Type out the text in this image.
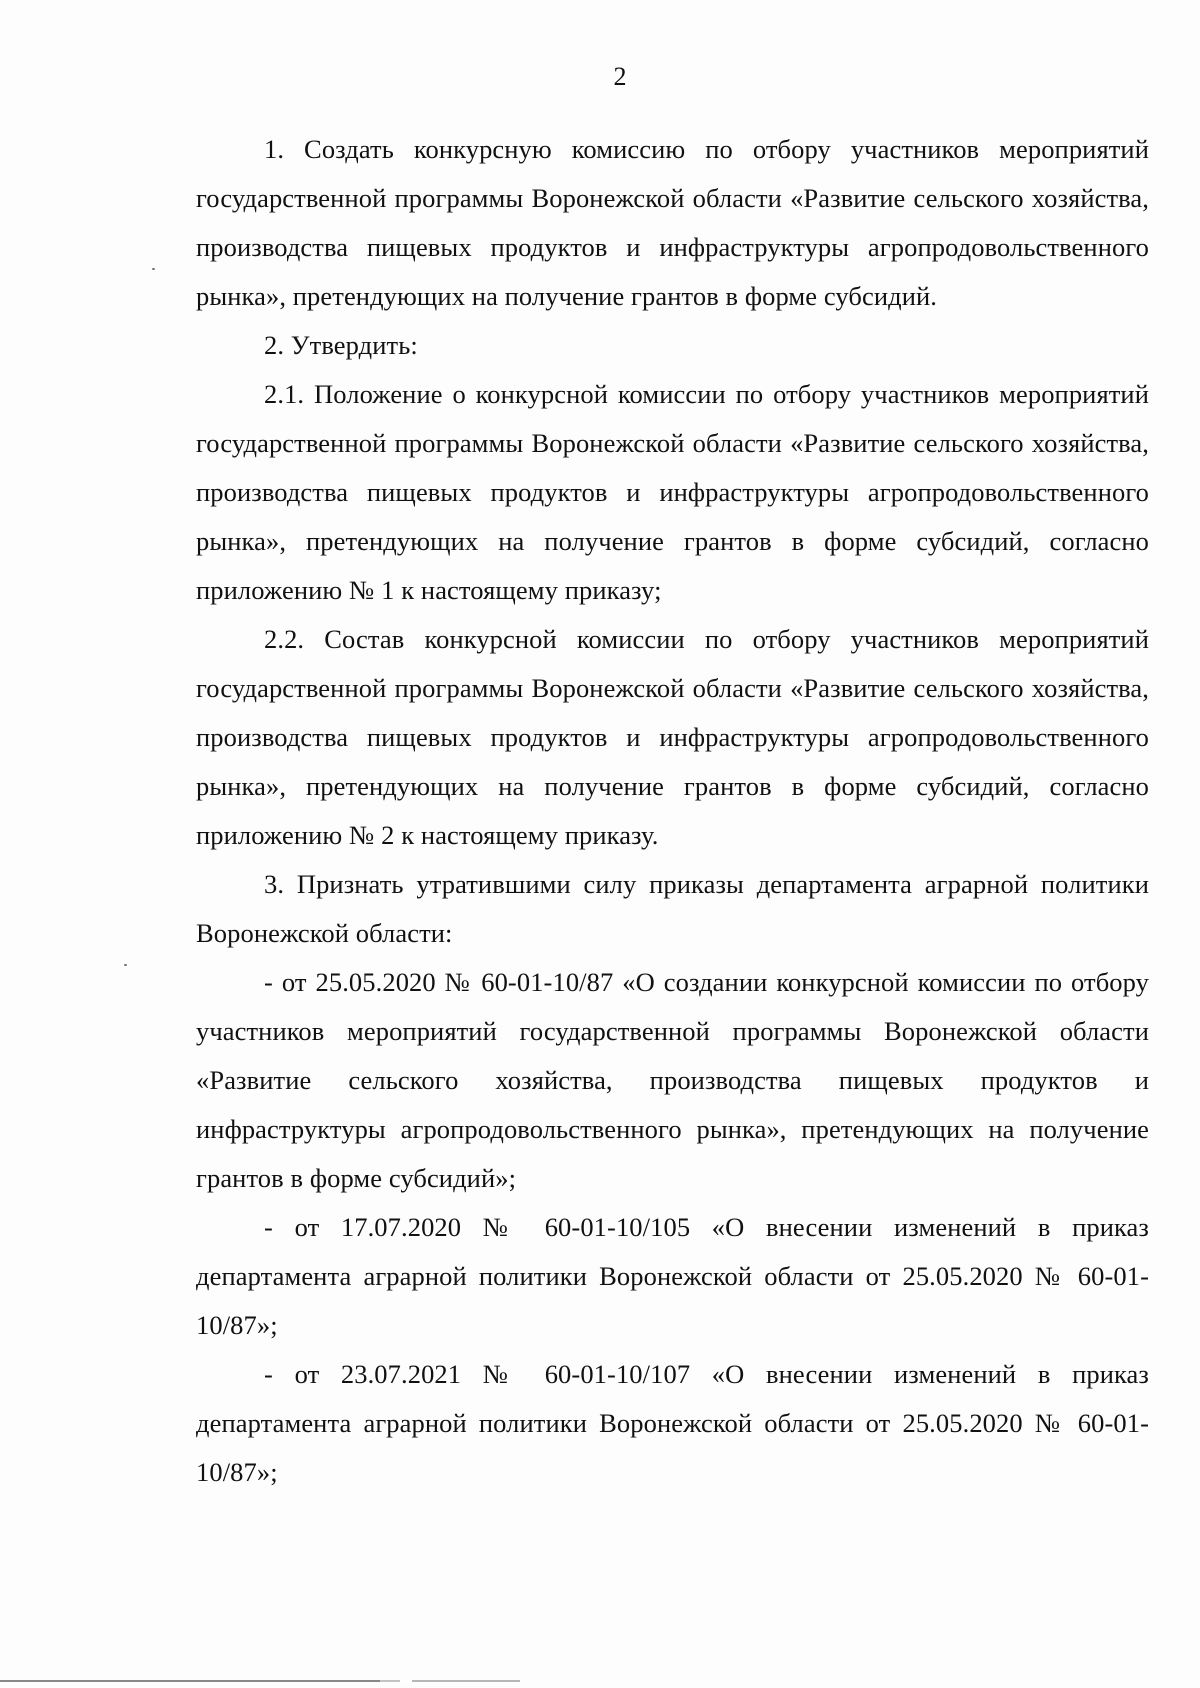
2

1. Создать конкурсную комиссию по отбору участников мероприятий государственной программы Воронежской области «Развитие сельского хозяйства, производства пищевых продуктов и инфраструктуры агропродовольственного рынка», претендующих на получение грантов в форме субсидий.

2. Утвердить:

2.1. Положение о конкурсной комиссии по отбору участников мероприятий государственной программы Воронежской области «Развитие сельского хозяйства, производства пищевых продуктов и инфраструктуры агропродовольственного рынка», претендующих на получение грантов в форме субсидий, согласно приложению № 1 к настоящему приказу;

2.2. Состав конкурсной комиссии по отбору участников мероприятий государственной программы Воронежской области «Развитие сельского хозяйства, производства пищевых продуктов и инфраструктуры агропродовольственного рынка», претендующих на получение грантов в форме субсидий, согласно приложению № 2 к настоящему приказу.

3. Признать утратившими силу приказы департамента аграрной политики Воронежской области:

- от 25.05.2020 № 60-01-10/87 «О создании конкурсной комиссии по отбору участников мероприятий государственной программы Воронежской области «Развитие сельского хозяйства, производства пищевых продуктов и инфраструктуры агропродовольственного рынка», претендующих на получение грантов в форме субсидий»;

- от 17.07.2020 № 60-01-10/105 «О внесении изменений в приказ департамента аграрной политики Воронежской области от 25.05.2020 № 60-01-10/87»;

- от 23.07.2021 № 60-01-10/107 «О внесении изменений в приказ департамента аграрной политики Воронежской области от 25.05.2020 № 60-01-10/87»;
